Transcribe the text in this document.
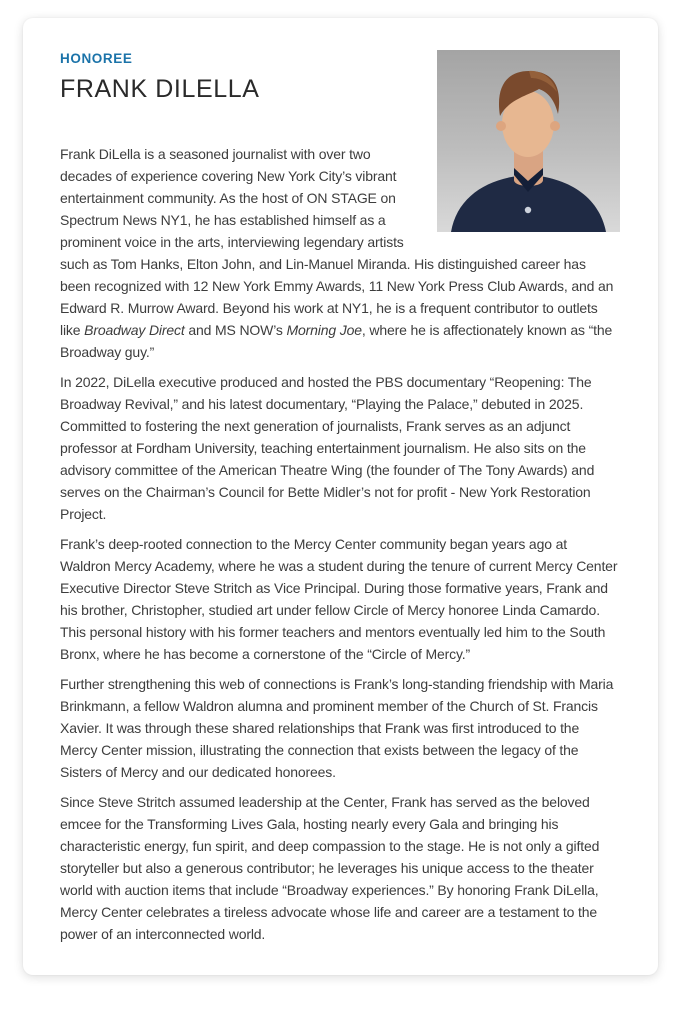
HONOREE
FRANK DILELLA

Frank DiLella is a seasoned journalist with over two decades of experience covering New York City’s vibrant entertainment community. As the host of ON STAGE on Spectrum News NY1, he has established himself as a prominent voice in the arts, interviewing legendary artists such as Tom Hanks, Elton John, and Lin-Manuel Miranda. His distinguished career has been recognized with 12 New York Emmy Awards, 11 New York Press Club Awards, and an Edward R. Murrow Award. Beyond his work at NY1, he is a frequent contributor to outlets like Broadway Direct and MS NOW’s Morning Joe, where he is affectionately known as “the Broadway guy.”

In 2022, DiLella executive produced and hosted the PBS documentary “Reopening: The Broadway Revival,” and his latest documentary, “Playing the Palace,” debuted in 2025. Committed to fostering the next generation of journalists, Frank serves as an adjunct professor at Fordham University, teaching entertainment journalism. He also sits on the advisory committee of the American Theatre Wing (the founder of The Tony Awards) and serves on the Chairman’s Council for Bette Midler’s not for profit - New York Restoration Project.

Frank’s deep-rooted connection to the Mercy Center community began years ago at Waldron Mercy Academy, where he was a student during the tenure of current Mercy Center Executive Director Steve Stritch as Vice Principal. During those formative years, Frank and his brother, Christopher, studied art under fellow Circle of Mercy honoree Linda Camardo. This personal history with his former teachers and mentors eventually led him to the South Bronx, where he has become a cornerstone of the “Circle of Mercy.”

Further strengthening this web of connections is Frank’s long-standing friendship with Maria Brinkmann, a fellow Waldron alumna and prominent member of the Church of St. Francis Xavier. It was through these shared relationships that Frank was first introduced to the Mercy Center mission, illustrating the connection that exists between the legacy of the Sisters of Mercy and our dedicated honorees.

Since Steve Stritch assumed leadership at the Center, Frank has served as the beloved emcee for the Transforming Lives Gala, hosting nearly every Gala and bringing his characteristic energy, fun spirit, and deep compassion to the stage. He is not only a gifted storyteller but also a generous contributor; he leverages his unique access to the theater world with auction items that include “Broadway experiences.” By honoring Frank DiLella, Mercy Center celebrates a tireless advocate whose life and career are a testament to the power of an interconnected world.
